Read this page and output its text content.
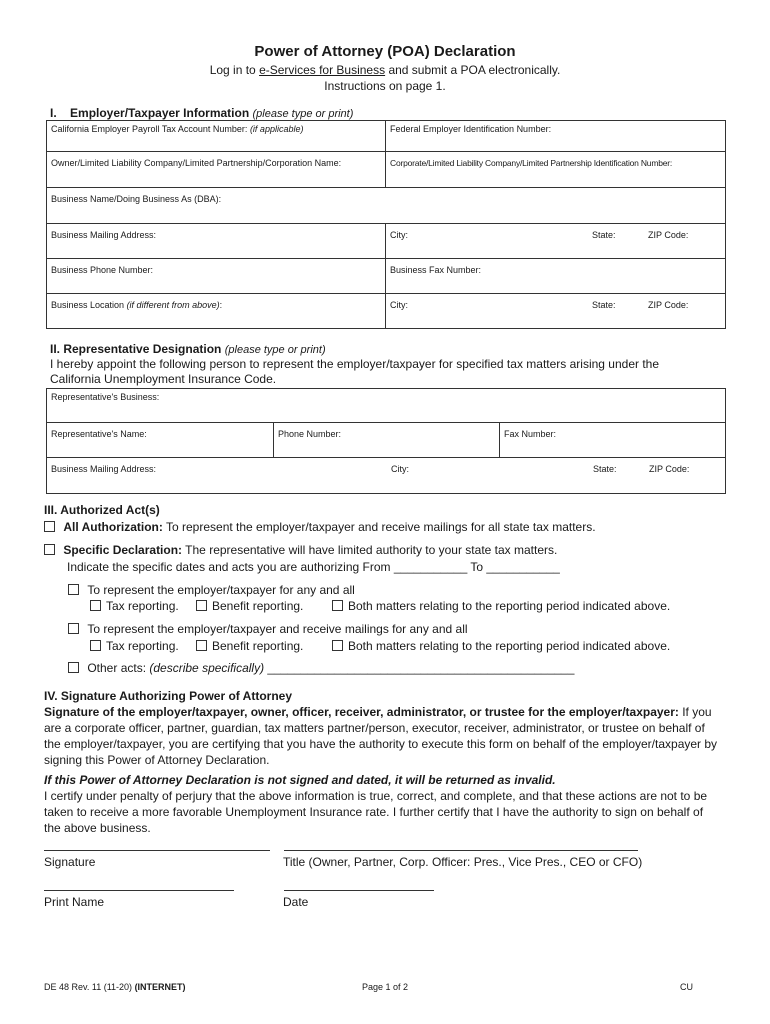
Power of Attorney (POA) Declaration
Log in to e-Services for Business and submit a POA electronically.
Instructions on page 1.
I. Employer/Taxpayer Information (please type or print)
California Employer Payroll Tax Account Number: (if applicable)	Federal Employer Identification Number:
Owner/Limited Liability Company/Limited Partnership/Corporation Name:	Corporate/Limited Liability Company/Limited Partnership Identification Number:
Business Name/Doing Business As (DBA):	
Business Mailing Address:	City: State: ZIP Code:
Business Phone Number:	Business Fax Number:
Business Location (if different from above):	City: State: ZIP Code:
II. Representative Designation (please type or print)
I hereby appoint the following person to represent the employer/taxpayer for specified tax matters arising under the
California Unemployment Insurance Code.
Representative's Business:
Representative's Name:	Phone Number:	Fax Number:
Business Mailing Address:	City:	State:	ZIP Code:
III. Authorized Act(s)
All Authorization: To represent the employer/taxpayer and receive mailings for all state tax matters.
Specific Declaration: The representative will have limited authority to your state tax matters.
Indicate the specific dates and acts you are authorizing From ___________ To ___________
To represent the employer/taxpayer for any and all
Tax reporting.	Benefit reporting.	Both matters relating to the reporting period indicated above.
To represent the employer/taxpayer and receive mailings for any and all
Tax reporting.	Benefit reporting.	Both matters relating to the reporting period indicated above.
Other acts: (describe specifically) ______________________________________________
IV. Signature Authorizing Power of Attorney
Signature of the employer/taxpayer, owner, officer, receiver, administrator, or trustee for the employer/taxpayer: If you are a corporate officer, partner, guardian, tax matters partner/person, executor, receiver, administrator, or trustee on behalf of the employer/taxpayer, you are certifying that you have the authority to execute this form on behalf of the employer/taxpayer by signing this Power of Attorney Declaration.
If this Power of Attorney Declaration is not signed and dated, it will be returned as invalid.
I certify under penalty of perjury that the above information is true, correct, and complete, and that these actions are not to be taken to receive a more favorable Unemployment Insurance rate. I further certify that I have the authority to sign on behalf of the above business.
Signature	Title (Owner, Partner, Corp. Officer: Pres., Vice Pres., CEO or CFO)
Print Name	Date
DE 48 Rev. 11 (11-20) (INTERNET)	Page 1 of 2	CU
